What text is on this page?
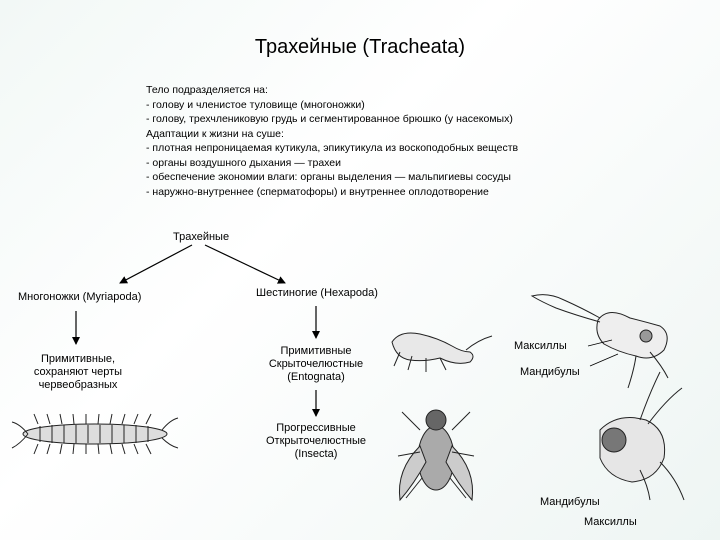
Трахейные (Tracheata)
Тело подразделяется на:
- голову и членистое туловище (многоножки)
- голову, трехчлениковую грудь и сегментированное брюшко (у насекомых)
Адаптации к жизни на суше:
- плотная непроницаемая кутикула, эпикутикула из воскоподобных веществ
- органы воздушного дыхания — трахеи
- обеспечение экономии влаги: органы выделения — мальпигиевы сосуды
- наружно-внутреннее (сперматофоры) и внутреннее оплодотворение
Трахейные
Многоножки (Myriapoda)	Шестиногие (Hexapoda)
Примитивные,
сохраняют черты
червеобразных
Примитивные
Скрыточелюстные
(Entognata)
Прогрессивные
Открыточелюстные
(Insecta)
Максиллы
Мандибулы
Мандибулы
Максиллы
